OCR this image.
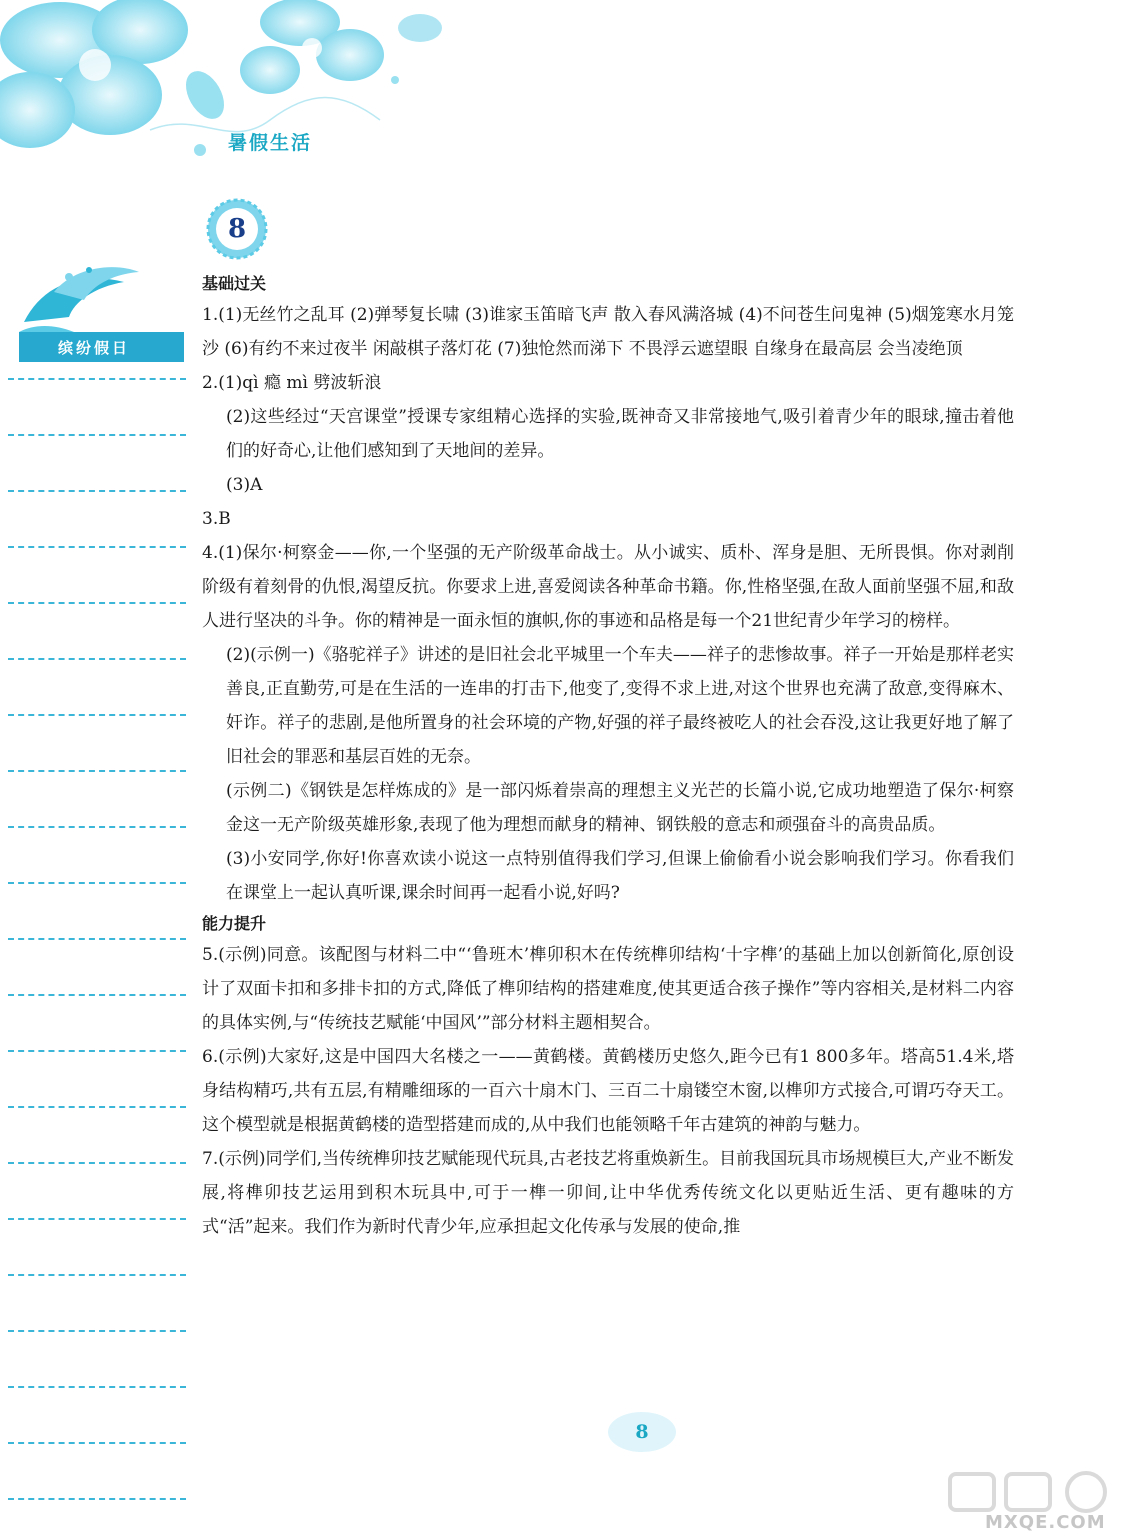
缤纷假日
暑假生活
8
基础过关
1.(1)无丝竹之乱耳 (2)弹琴复长啸 (3)谁家玉笛暗飞声 散入春风满洛城 (4)不问苍生问鬼神 (5)烟笼寒水月笼沙 (6)有约不来过夜半 闲敲棋子落灯花 (7)独怆然而涕下 不畏浮云遮望眼 自缘身在最高层 会当凌绝顶
2.(1)qì 瘾 mì 劈波斩浪
(2)这些经过“天宫课堂”授课专家组精心选择的实验,既神奇又非常接地气,吸引着青少年的眼球,撞击着他们的好奇心,让他们感知到了天地间的差异。
(3)A
3.B
4.(1)保尔·柯察金——你,一个坚强的无产阶级革命战士。从小诚实、质朴、浑身是胆、无所畏惧。你对剥削阶级有着刻骨的仇恨,渴望反抗。你要求上进,喜爱阅读各种革命书籍。你,性格坚强,在敌人面前坚强不屈,和敌人进行坚决的斗争。你的精神是一面永恒的旗帜,你的事迹和品格是每一个21世纪青少年学习的榜样。
(2)(示例一)《骆驼祥子》讲述的是旧社会北平城里一个车夫——祥子的悲惨故事。祥子一开始是那样老实善良,正直勤劳,可是在生活的一连串的打击下,他变了,变得不求上进,对这个世界也充满了敌意,变得麻木、奸诈。祥子的悲剧,是他所置身的社会环境的产物,好强的祥子最终被吃人的社会吞没,这让我更好地了解了旧社会的罪恶和基层百姓的无奈。
(示例二)《钢铁是怎样炼成的》是一部闪烁着崇高的理想主义光芒的长篇小说,它成功地塑造了保尔·柯察金这一无产阶级英雄形象,表现了他为理想而献身的精神、钢铁般的意志和顽强奋斗的高贵品质。
(3)小安同学,你好!你喜欢读小说这一点特别值得我们学习,但课上偷偷看小说会影响我们学习。你看我们在课堂上一起认真听课,课余时间再一起看小说,好吗?
能力提升
5.(示例)同意。该配图与材料二中“‘鲁班木’榫卯积木在传统榫卯结构‘十字榫’的基础上加以创新简化,原创设计了双面卡扣和多排卡扣的方式,降低了榫卯结构的搭建难度,使其更适合孩子操作”等内容相关,是材料二内容的具体实例,与“传统技艺赋能‘中国风’”部分材料主题相契合。
6.(示例)大家好,这是中国四大名楼之一——黄鹤楼。黄鹤楼历史悠久,距今已有1 800多年。塔高51.4米,塔身结构精巧,共有五层,有精雕细琢的一百六十扇木门、三百二十扇镂空木窗,以榫卯方式接合,可谓巧夺天工。这个模型就是根据黄鹤楼的造型搭建而成的,从中我们也能领略千年古建筑的神韵与魅力。
7.(示例)同学们,当传统榫卯技艺赋能现代玩具,古老技艺将重焕新生。目前我国玩具市场规模巨大,产业不断发展,将榫卯技艺运用到积木玩具中,可于一榫一卯间,让中华优秀传统文化以更贴近生活、更有趣味的方式“活”起来。我们作为新时代青少年,应承担起文化传承与发展的使命,推
8
MXQE.COM
